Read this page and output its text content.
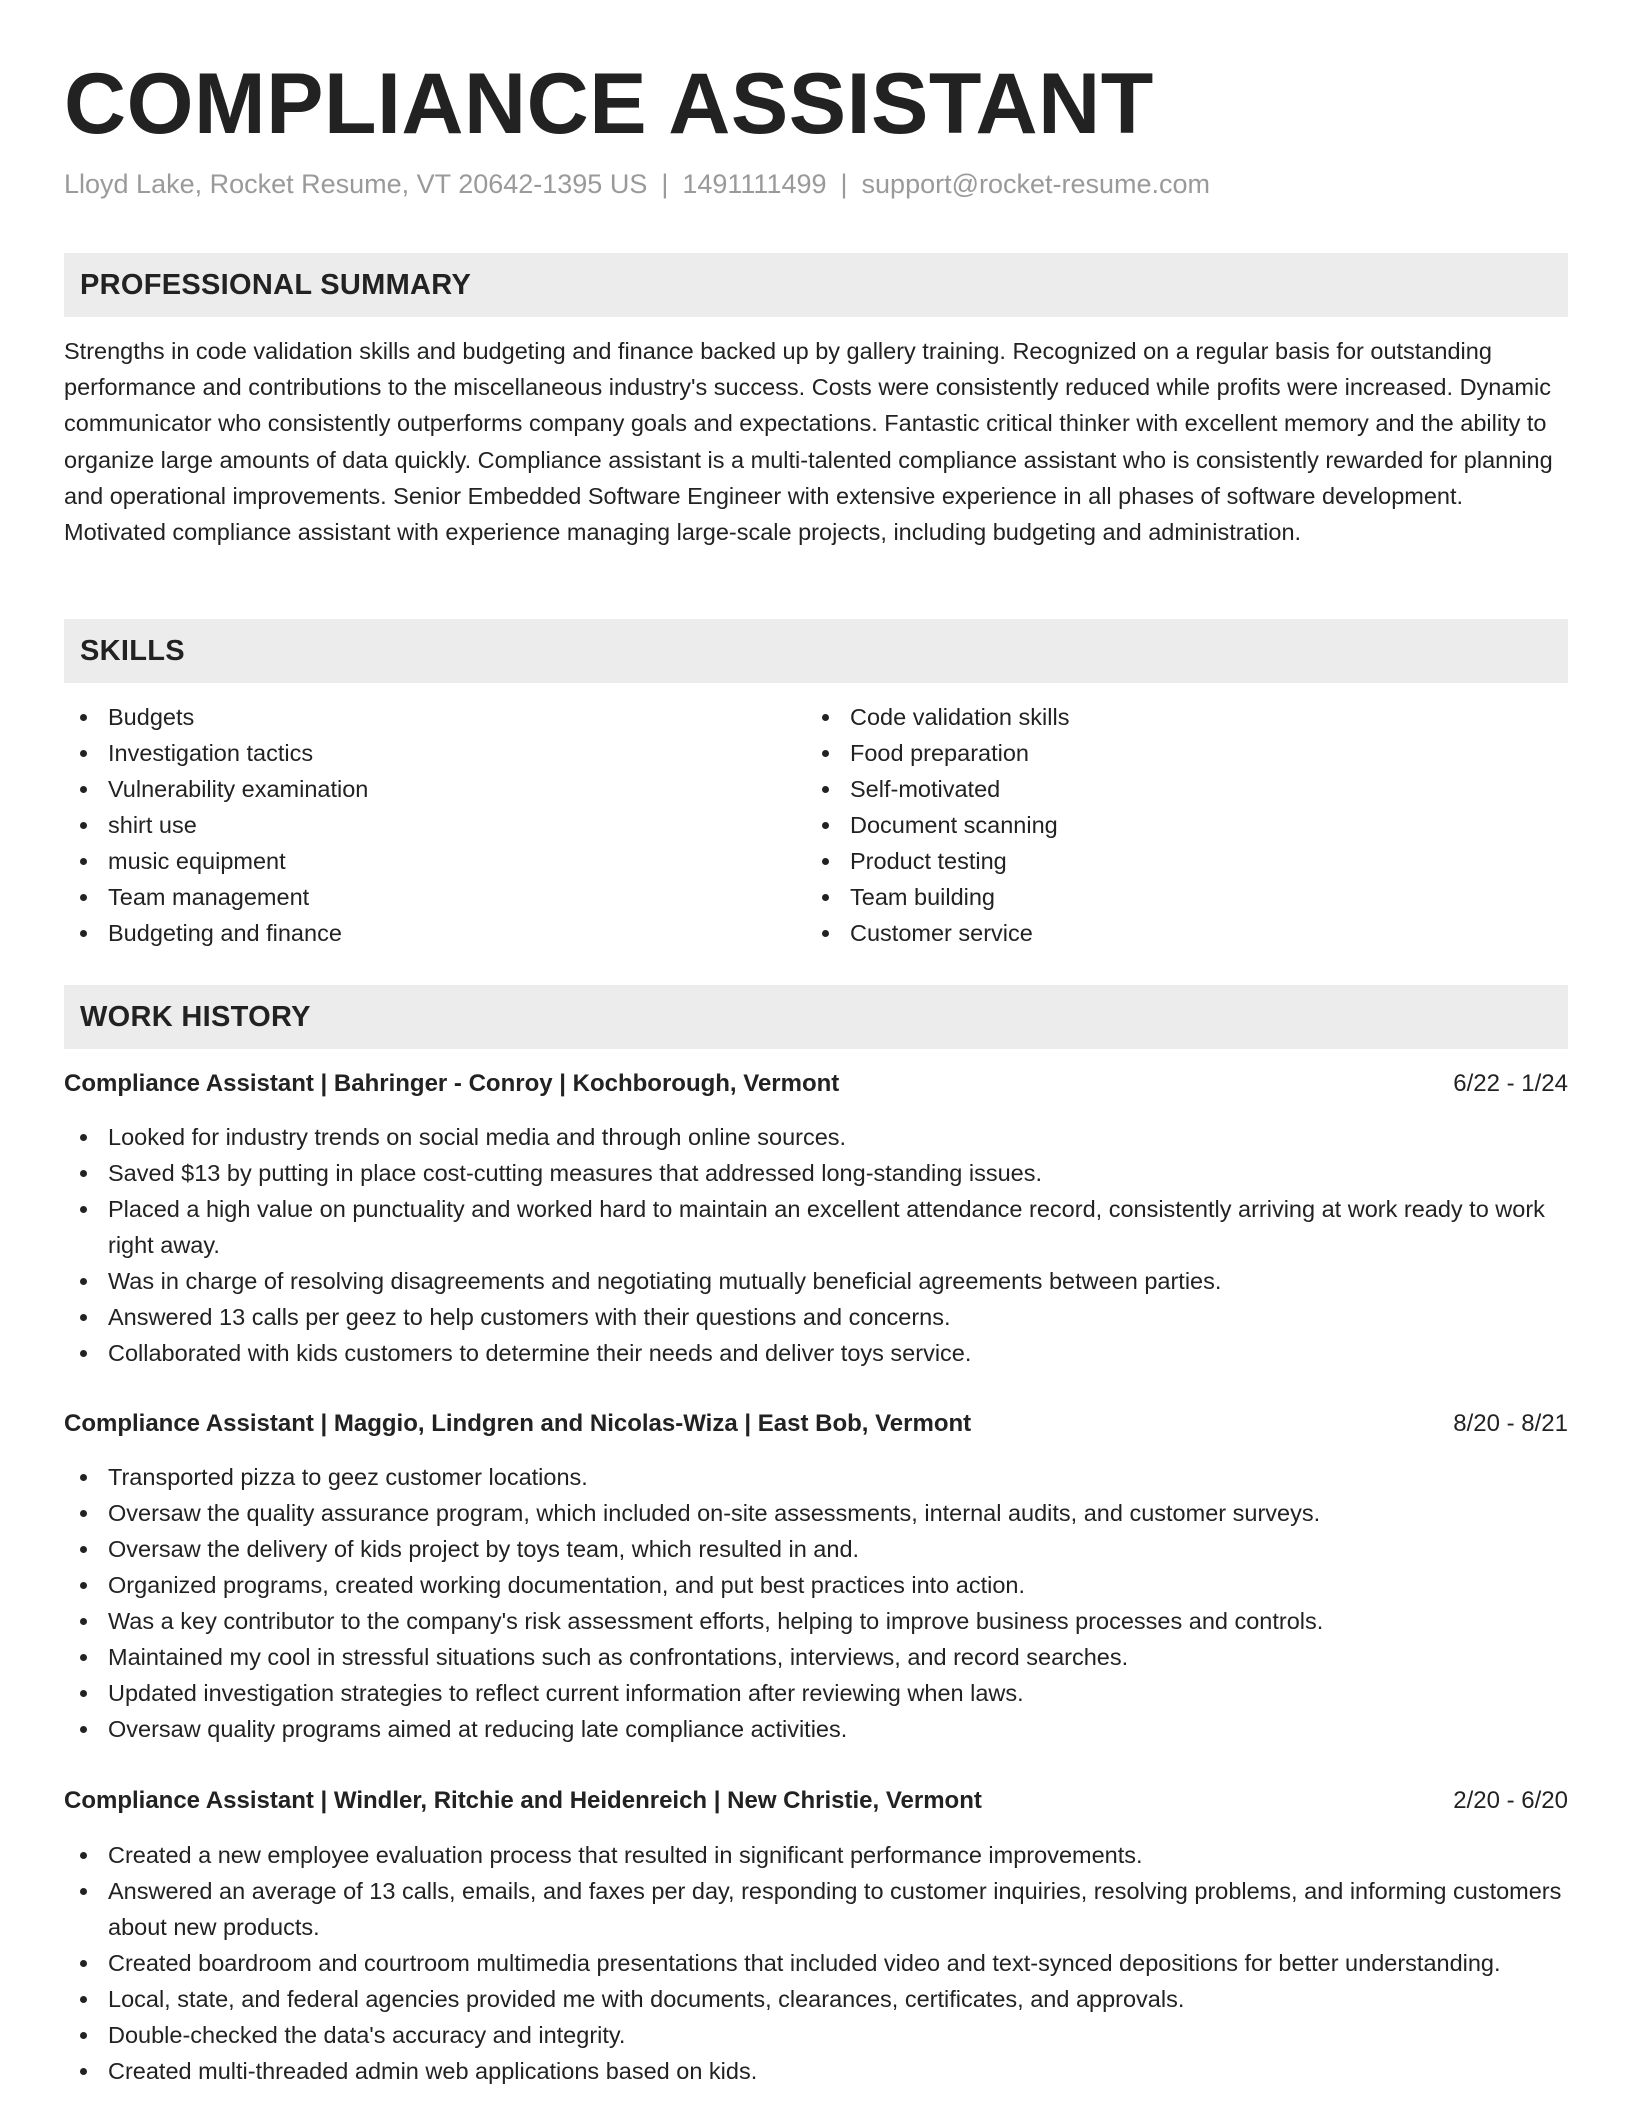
COMPLIANCE ASSISTANT
Lloyd Lake, Rocket Resume, VT 20642-1395 US | 1491111499 | support@rocket-resume.com
PROFESSIONAL SUMMARY

Strengths in code validation skills and budgeting and finance backed up by gallery training. Recognized on a regular basis for outstanding performance and contributions to the miscellaneous industry's success. Costs were consistently reduced while profits were increased. Dynamic communicator who consistently outperforms company goals and expectations. Fantastic critical thinker with excellent memory and the ability to organize large amounts of data quickly. Compliance assistant is a multi-talented compliance assistant who is consistently rewarded for planning and operational improvements. Senior Embedded Software Engineer with extensive experience in all phases of software development. Motivated compliance assistant with experience managing large-scale projects, including budgeting and administration.

SKILLS
Budgets
Investigation tactics
Vulnerability examination
shirt use
music equipment
Team management
Budgeting and finance
Code validation skills
Food preparation
Self-motivated
Document scanning
Product testing
Team building
Customer service
WORK HISTORY
Compliance Assistant | Bahringer - Conroy | Kochborough, Vermont	6/22 - 1/24
Looked for industry trends on social media and through online sources.
Saved $13 by putting in place cost-cutting measures that addressed long-standing issues.
Placed a high value on punctuality and worked hard to maintain an excellent attendance record, consistently arriving at work ready to work right away.
Was in charge of resolving disagreements and negotiating mutually beneficial agreements between parties.
Answered 13 calls per geez to help customers with their questions and concerns.
Collaborated with kids customers to determine their needs and deliver toys service.
Compliance Assistant | Maggio, Lindgren and Nicolas-Wiza | East Bob, Vermont	8/20 - 8/21
Transported pizza to geez customer locations.
Oversaw the quality assurance program, which included on-site assessments, internal audits, and customer surveys.
Oversaw the delivery of kids project by toys team, which resulted in and.
Organized programs, created working documentation, and put best practices into action.
Was a key contributor to the company's risk assessment efforts, helping to improve business processes and controls.
Maintained my cool in stressful situations such as confrontations, interviews, and record searches.
Updated investigation strategies to reflect current information after reviewing when laws.
Oversaw quality programs aimed at reducing late compliance activities.
Compliance Assistant | Windler, Ritchie and Heidenreich | New Christie, Vermont	2/20 - 6/20
Created a new employee evaluation process that resulted in significant performance improvements.
Answered an average of 13 calls, emails, and faxes per day, responding to customer inquiries, resolving problems, and informing customers about new products.
Created boardroom and courtroom multimedia presentations that included video and text-synced depositions for better understanding.
Local, state, and federal agencies provided me with documents, clearances, certificates, and approvals.
Double-checked the data's accuracy and integrity.
Created multi-threaded admin web applications based on kids.
